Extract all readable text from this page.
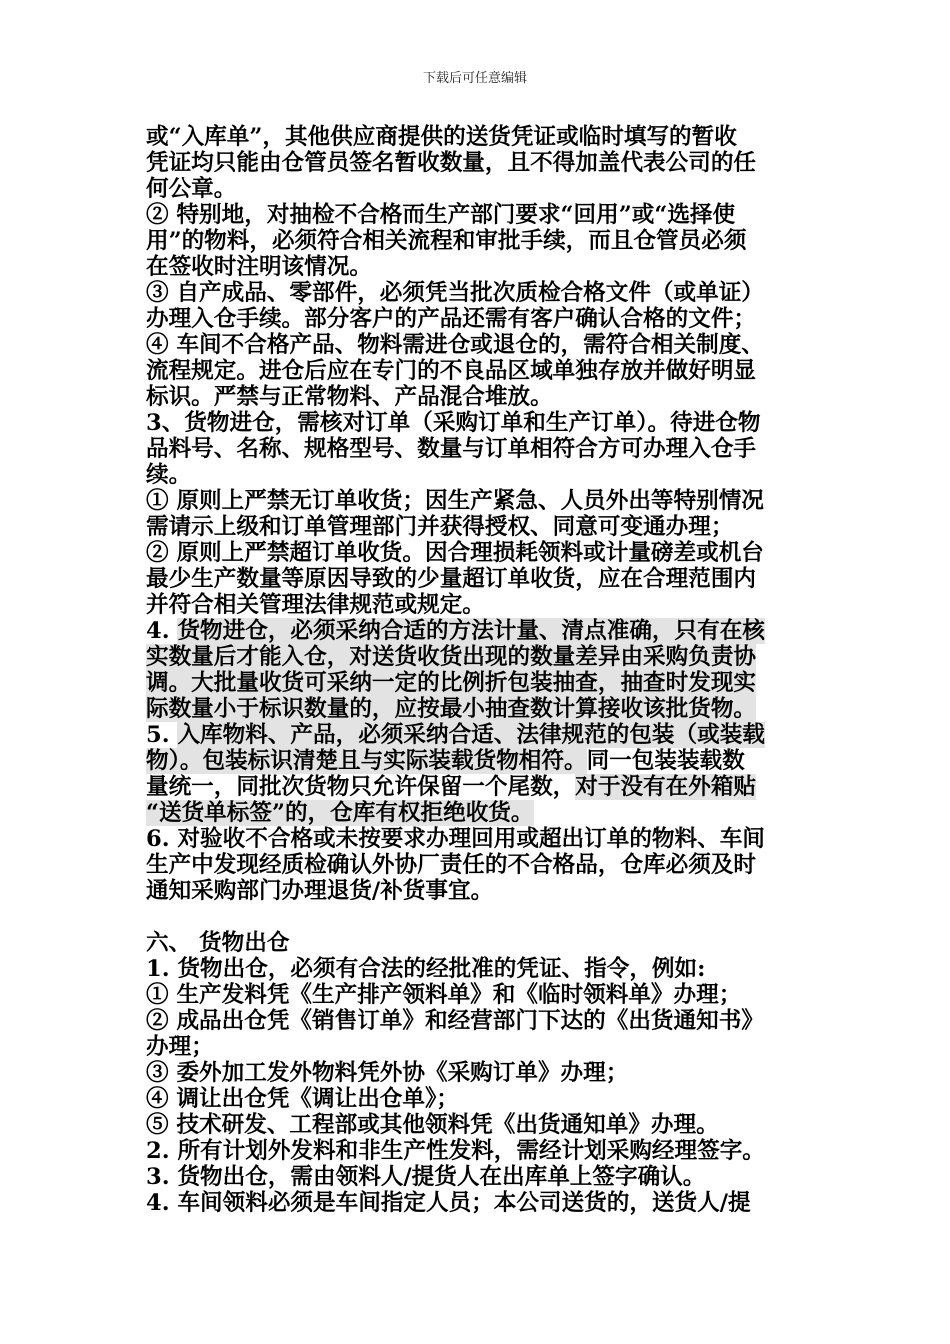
下载后可任意编辑
或“入库单”，其他供应商提供的送货凭证或临时填写的暂收
凭证均只能由仓管员签名暂收数量，且不得加盖代表公司的任
何公章。
② 特别地，对抽检不合格而生产部门要求“回用”或“选择使
用”的物料，必须符合相关流程和审批手续，而且仓管员必须
在签收时注明该情况。
③ 自产成品、零部件，必须凭当批次质检合格文件（或单证）
办理入仓手续。部分客户的产品还需有客户确认合格的文件；
④ 车间不合格产品、物料需进仓或退仓的，需符合相关制度、
流程规定。进仓后应在专门的不良品区域单独存放并做好明显
标识。严禁与正常物料、产品混合堆放。
3、货物进仓，需核对订单（采购订单和生产订单）。待进仓物
品料号、名称、规格型号、数量与订单相符合方可办理入仓手
续。
① 原则上严禁无订单收货；因生产紧急、人员外出等特别情况
需请示上级和订单管理部门并获得授权、同意可变通办理；
② 原则上严禁超订单收货。因合理损耗领料或计量磅差或机台
最少生产数量等原因导致的少量超订单收货，应在合理范围内
并符合相关管理法律规范或规定。
4. 货物进仓，必须采纳合适的方法计量、清点准确，只有在核
实数量后才能入仓，对送货收货出现的数量差异由采购负责协
调。大批量收货可采纳一定的比例折包装抽查，抽查时发现实
际数量小于标识数量的，应按最小抽查数计算接收该批货物。
5. 入库物料、产品，必须采纳合适、法律规范的包装（或装载
物）。包装标识清楚且与实际装载货物相符。同一包装装载数
量统一，同批次货物只允许保留一个尾数，对于没有在外箱贴
“送货单标签”的，仓库有权拒绝收货。
6. 对验收不合格或未按要求办理回用或超出订单的物料、车间
生产中发现经质检确认外协厂责任的不合格品，仓库必须及时
通知采购部门办理退货/补货事宜。
六、 货物出仓
1. 货物出仓，必须有合法的经批准的凭证、指令，例如:
① 生产发料凭《生产排产领料单》和《临时领料单》办理；
② 成品出仓凭《销售订单》和经营部门下达的《出货通知书》
办理；
③ 委外加工发外物料凭外协《采购订单》办理；
④ 调让出仓凭《调让出仓单》；
⑤ 技术研发、工程部或其他领料凭《出货通知单》办理。
2. 所有计划外发料和非生产性发料，需经计划采购经理签字。
3. 货物出仓，需由领料人/提货人在出库单上签字确认。
4. 车间领料必须是车间指定人员；本公司送货的，送货人/提
